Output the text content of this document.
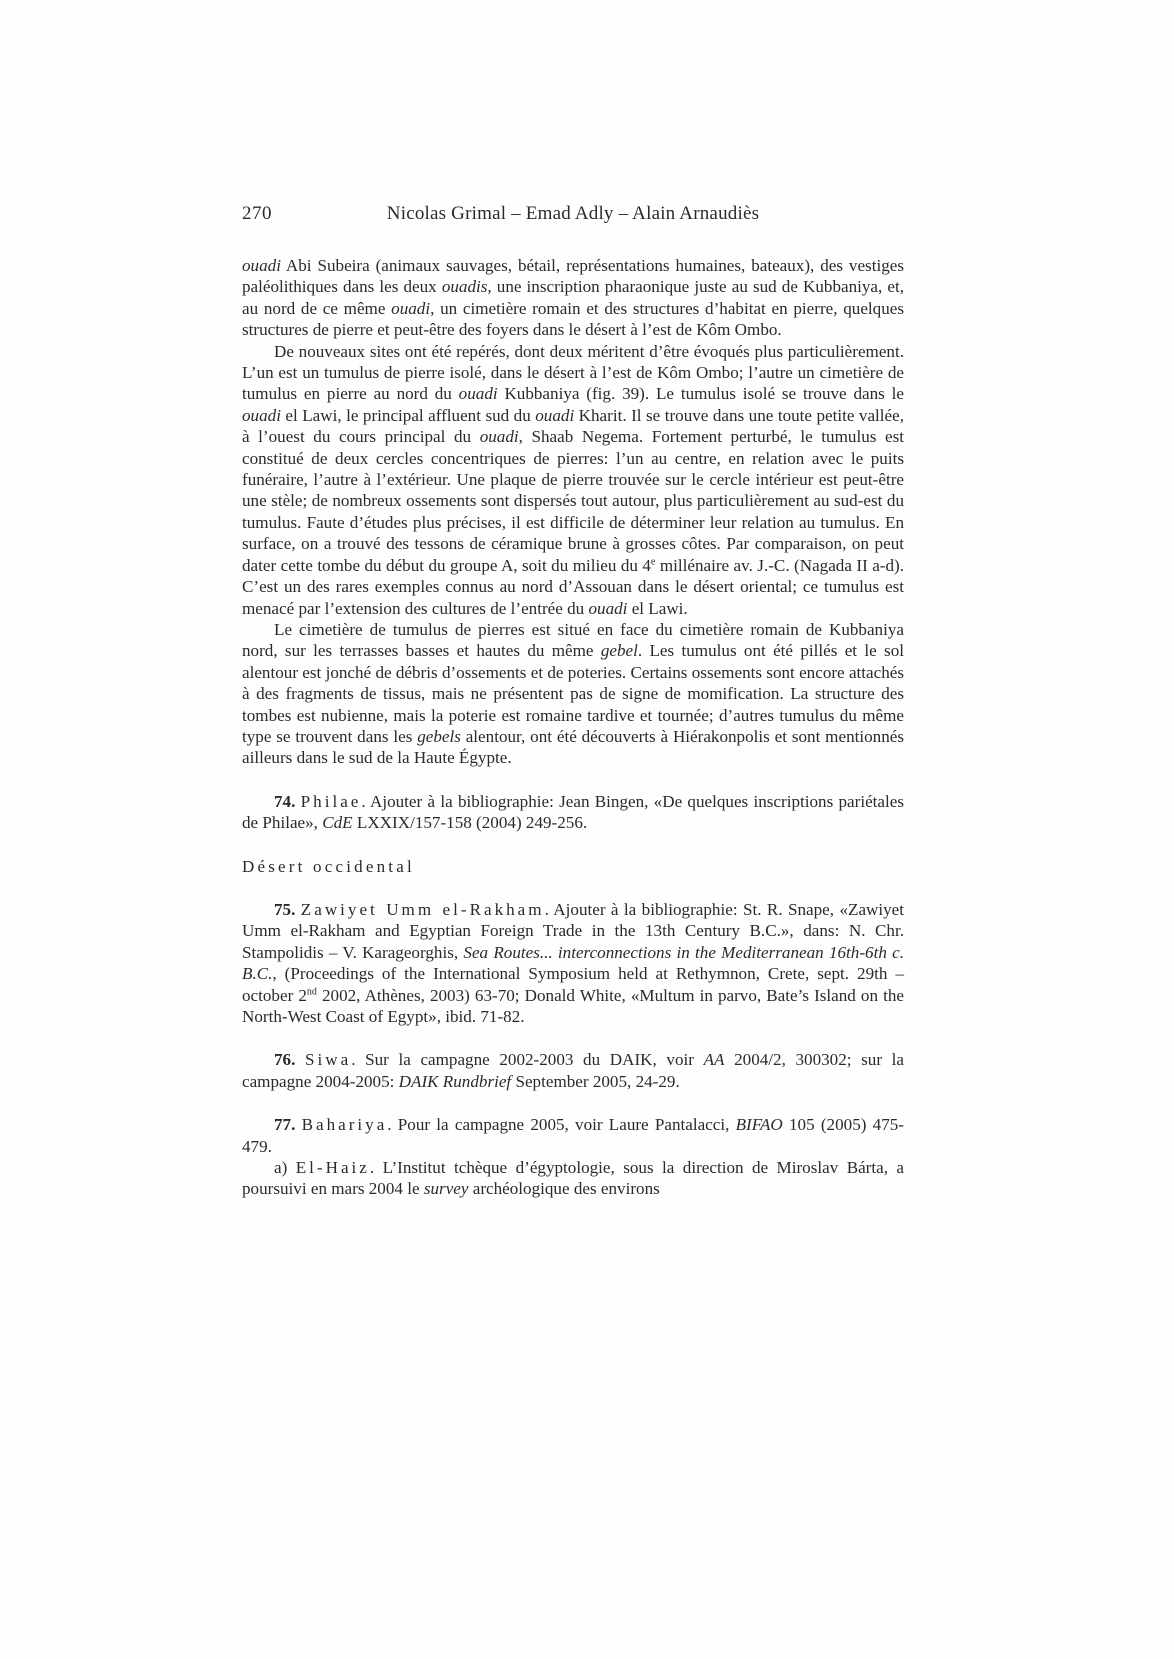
270	Nicolas Grimal – Emad Adly – Alain Arnaudiès

ouadi Abi Subeira (animaux sauvages, bétail, représentations humaines, bateaux), des vestiges paléolithiques dans les deux ouadis, une inscription pharaonique juste au sud de Kubbaniya, et, au nord de ce même ouadi, un cimetière romain et des structures d’habitat en pierre, quelques structures de pierre et peut-être des foyers dans le désert à l’est de Kôm Ombo.

De nouveaux sites ont été repérés, dont deux méritent d’être évoqués plus particulièrement. L’un est un tumulus de pierre isolé, dans le désert à l’est de Kôm Ombo; l’autre un cimetière de tumulus en pierre au nord du ouadi Kubbaniya (fig. 39). Le tumulus isolé se trouve dans le ouadi el Lawi, le principal affluent sud du ouadi Kharit. Il se trouve dans une toute petite vallée, à l’ouest du cours principal du ouadi, Shaab Negema. Fortement perturbé, le tumulus est constitué de deux cercles concentriques de pierres: l’un au centre, en relation avec le puits funéraire, l’autre à l’extérieur. Une plaque de pierre trouvée sur le cercle intérieur est peut-être une stèle; de nombreux ossements sont dispersés tout autour, plus particulièrement au sud-est du tumulus. Faute d’études plus précises, il est difficile de déterminer leur relation au tumulus. En surface, on a trouvé des tessons de céramique brune à grosses côtes. Par comparaison, on peut dater cette tombe du début du groupe A, soit du milieu du 4e millénaire av. J.-C. (Nagada II a-d). C’est un des rares exemples connus au nord d’Assouan dans le désert oriental; ce tumulus est menacé par l’extension des cultures de l’entrée du ouadi el Lawi.

Le cimetière de tumulus de pierres est situé en face du cimetière romain de Kubbaniya nord, sur les terrasses basses et hautes du même gebel. Les tumulus ont été pillés et le sol alentour est jonché de débris d’ossements et de poteries. Certains ossements sont encore attachés à des fragments de tissus, mais ne présentent pas de signe de momification. La structure des tombes est nubienne, mais la poterie est romaine tardive et tournée; d’autres tumulus du même type se trouvent dans les gebels alentour, ont été découverts à Hiérakonpolis et sont mentionnés ailleurs dans le sud de la Haute Égypte.

74. Philae. Ajouter à la bibliographie: Jean Bingen, «De quelques inscriptions pariétales de Philae», CdE LXXIX/157-158 (2004) 249-256.

Désert occidental

75. Zawiyet Umm el-Rakham. Ajouter à la bibliographie: St. R. Snape, «Zawiyet Umm el-Rakham and Egyptian Foreign Trade in the 13th Century B.C.», dans: N. Chr. Stampolidis – V. Karageorghis, Sea Routes... interconnections in the Mediterranean 16th-6th c. B.C., (Proceedings of the International Symposium held at Rethymnon, Crete, sept. 29th – october 2nd 2002, Athènes, 2003) 63-70; Donald White, «Multum in parvo, Bate’s Island on the North-West Coast of Egypt», ibid. 71-82.

76. Siwa. Sur la campagne 2002-2003 du DAIK, voir AA 2004/2, 300302; sur la campagne 2004-2005: DAIK Rundbrief September 2005, 24-29.

77. Bahariya. Pour la campagne 2005, voir Laure Pantalacci, BIFAO 105 (2005) 475-479.

a) El-Haiz. L’Institut tchèque d’égyptologie, sous la direction de Miroslav Bárta, a poursuivi en mars 2004 le survey archéologique des environs
